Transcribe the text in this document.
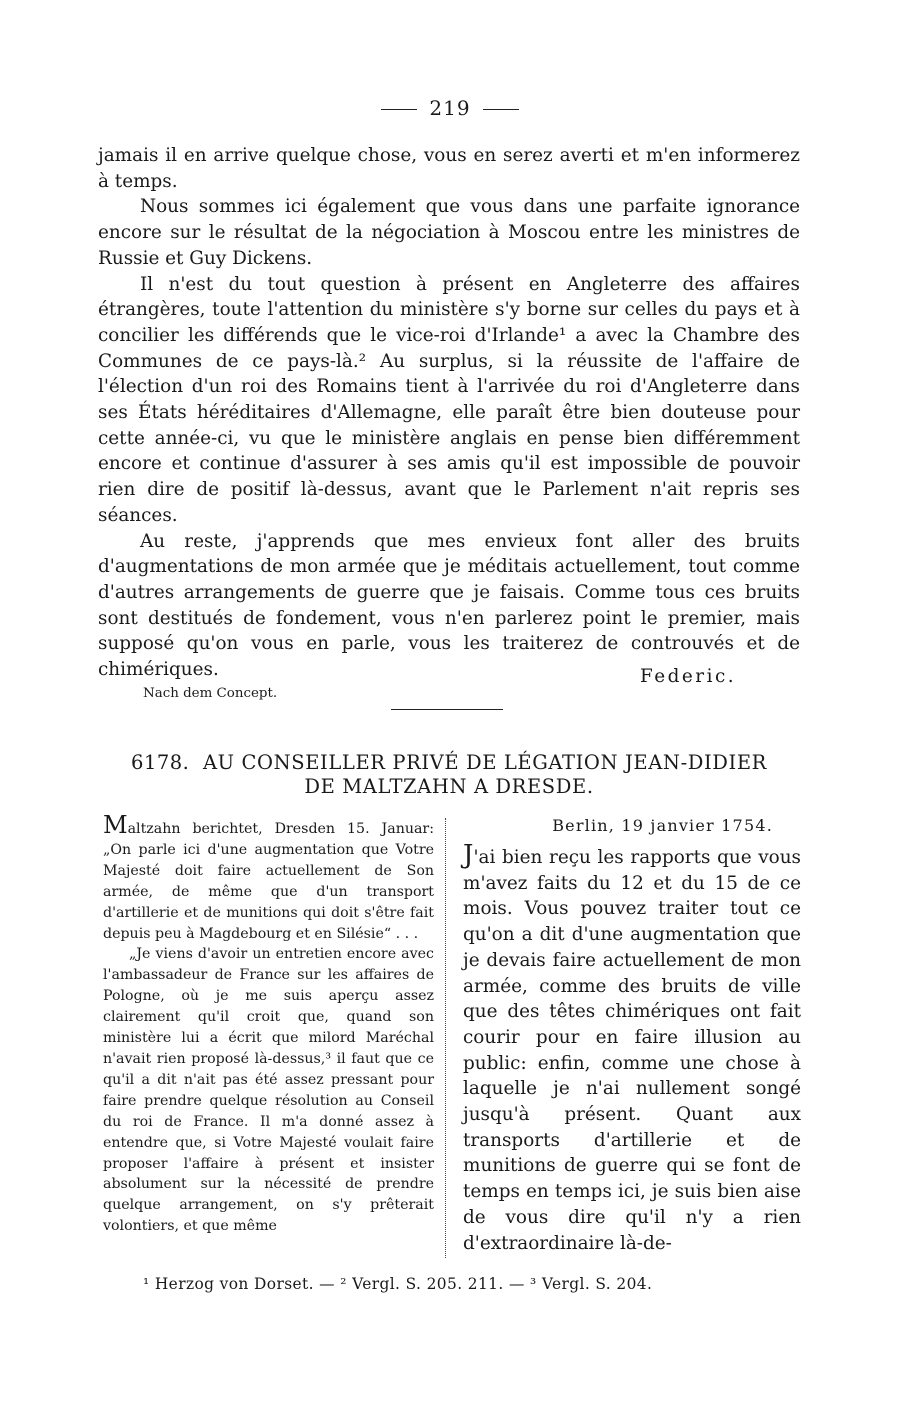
219

jamais il en arrive quelque chose, vous en serez averti et m'en informerez à temps.

Nous sommes ici également que vous dans une parfaite ignorance encore sur le résultat de la négociation à Moscou entre les ministres de Russie et Guy Dickens.

Il n'est du tout question à présent en Angleterre des affaires étrangères, toute l'attention du ministère s'y borne sur celles du pays et à concilier les différends que le vice-roi d'Irlande¹ a avec la Chambre des Communes de ce pays-là.² Au surplus, si la réussite de l'affaire de l'élection d'un roi des Romains tient à l'arrivée du roi d'Angleterre dans ses États héréditaires d'Allemagne, elle paraît être bien douteuse pour cette année-ci, vu que le ministère anglais en pense bien différemment encore et continue d'assurer à ses amis qu'il est impossible de pouvoir rien dire de positif là-dessus, avant que le Parlement n'ait repris ses séances.

Au reste, j'apprends que mes envieux font aller des bruits d'augmentations de mon armée que je méditais actuellement, tout comme d'autres arrangements de guerre que je faisais. Comme tous ces bruits sont destitués de fondement, vous n'en parlerez point le premier, mais supposé qu'on vous en parle, vous les traiterez de controuvés et de chimériques.	Federic.
Nach dem Concept.
6178. AU CONSEILLER PRIVÉ DE LÉGATION JEAN-DIDIER
DE MALTZAHN A DRESDE.

Maltzahn berichtet, Dresden 15. Januar: „On parle ici d'une augmentation que Votre Majesté doit faire actuellement de Son armée, de même que d'un transport d'artillerie et de munitions qui doit s'être fait depuis peu à Magdebourg et en Silésie“ . . .

„Je viens d'avoir un entretien encore avec l'ambassadeur de France sur les affaires de Pologne, où je me suis aperçu assez clairement qu'il croit que, quand son ministère lui a écrit que milord Maréchal n'avait rien proposé là-dessus,³ il faut que ce qu'il a dit n'ait pas été assez pressant pour faire prendre quelque résolution au Conseil du roi de France. Il m'a donné assez à entendre que, si Votre Majesté voulait faire proposer l'affaire à présent et insister absolument sur la nécessité de prendre quelque arrangement, on s'y prêterait volontiers, et que même

Berlin, 19 janvier 1754.

J'ai bien reçu les rapports que vous m'avez faits du 12 et du 15 de ce mois. Vous pouvez traiter tout ce qu'on a dit d'une augmentation que je devais faire actuellement de mon armée, comme des bruits de ville que des têtes chimériques ont fait courir pour en faire illusion au public: enfin, comme une chose à laquelle je n'ai nullement songé jusqu'à présent. Quant aux transports d'artillerie et de munitions de guerre qui se font de temps en temps ici, je suis bien aise de vous dire qu'il n'y a rien d'extraordinaire là-de-

¹ Herzog von Dorset. — ² Vergl. S. 205. 211. — ³ Vergl. S. 204.
